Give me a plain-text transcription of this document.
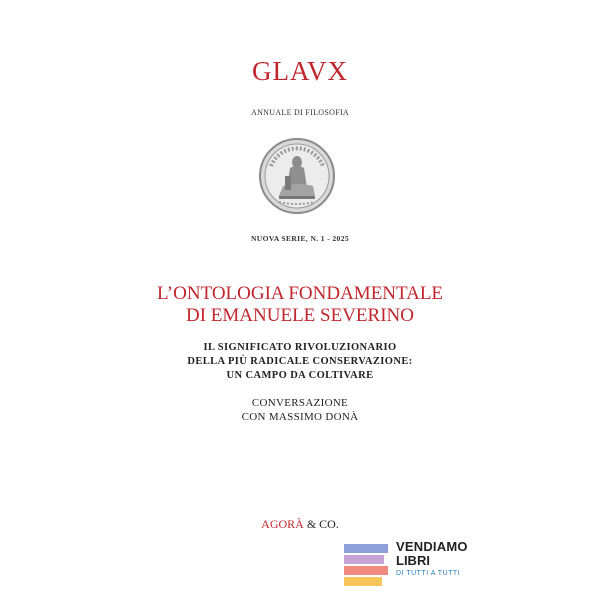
GLAVX
ANNUALE DI FILOSOFIA
NUOVA SERIE, N. 1 - 2025
L’ONTOLOGIA FONDAMENTALE
DI EMANUELE SEVERINO
IL SIGNIFICATO RIVOLUZIONARIO
DELLA PIÙ RADICALE CONSERVAZIONE:
UN CAMPO DA COLTIVARE
CONVERSAZIONE
CON MASSIMO DONÀ
AGORÀ & CO.
VENDIAMO
LIBRI
DI TUTTI A TUTTI
